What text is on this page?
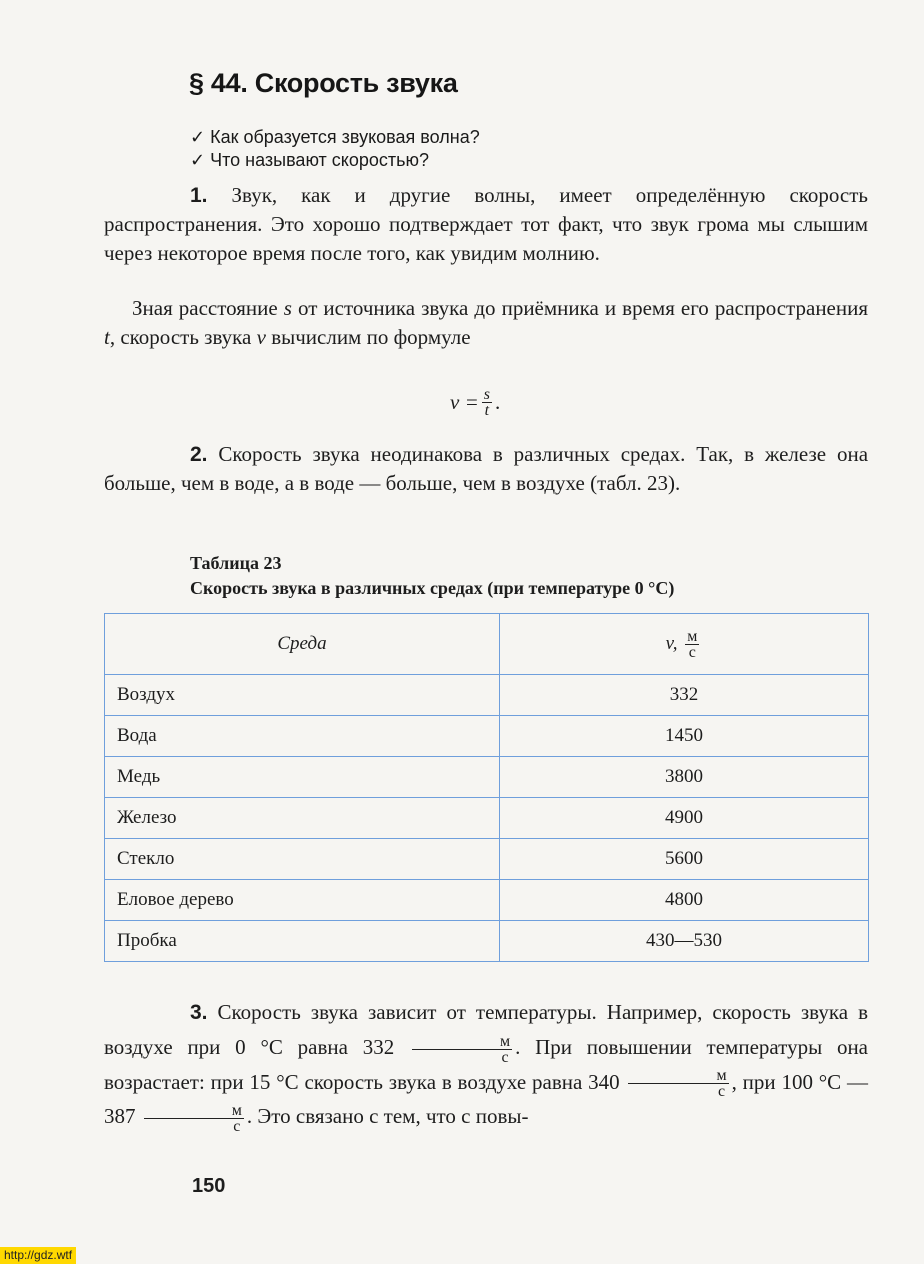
§ 44. Скорость звука
✓ Как образуется звуковая волна?
✓ Что называют скоростью?
1. Звук, как и другие волны, имеет определённую скорость распространения. Это хорошо подтверждает тот факт, что звук грома мы слышим через некоторое время после того, как увидим молнию.
Зная расстояние s от источника звука до приёмника и время его распространения t, скорость звука v вычислим по формуле
$v = \frac{s}{t}$ .
2. Скорость звука неодинакова в различных средах. Так, в железе она больше, чем в воде, а в воде — больше, чем в воздухе (табл. 23).
Таблица 23
Скорость звука в различных средах (при температуре 0 °С)
Среда	v, $\frac{м}{с}$

Воздух	332
Вода	1450
Медь	3800
Железо	4900
Стекло	5600
Еловое дерево	4800
Пробка	430—530
3. Скорость звука зависит от температуры. Например, скорость звука в воздухе при 0 °С равна $332 \frac{м}{с}$ . При повышении температуры она возрастает: при 15 °С скорость звука в воздухе равна $340 \frac{м}{с}$ , при 100 °С — $387 \frac{м}{с}$ . Это связано с тем, что с повы-
150
http://gdz.wtf
